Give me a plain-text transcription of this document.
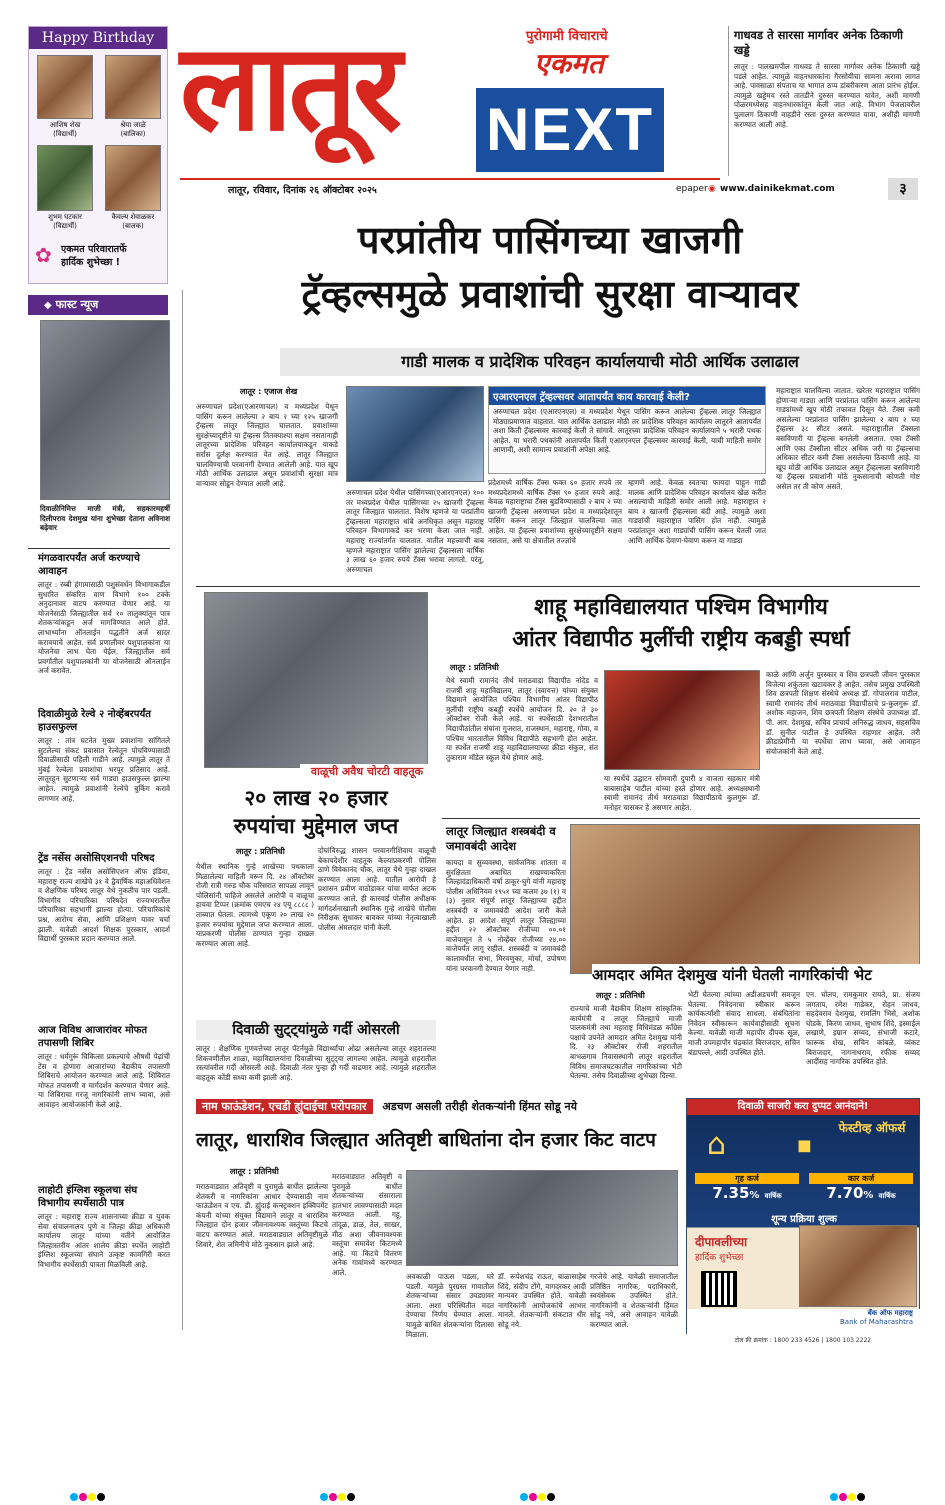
Happy Birthday
आशिष शेख
(विद्यार्थी)
श्रेया जाळे
(बालिका)
शुभम घटकार
(विद्यार्थी)
कैवल्य शेवाळकर
(बालक)
✿ एकमत परिवारातर्फे
हार्दिक शुभेच्छा !
लातूर	पुरोगामी विचाराचे
एकमत
NEXT
लातूर, रविवार, दिनांक २६ ऑक्टोबर २०२५	epaper ◉ www.dainikekmat.com	३
गाधवड ते सारसा मार्गावर अनेक ठिकाणी खड्डे
लातूर : पालखमपील गाधवड ते सारसा मार्गावर अनेक ठिकाणी खड्डे पडले आहेत. त्यामुळे वाहनधारकांना गैरसोयीचा सामना करावा लागत आहे. पावसाळा संपताच या भागात ठप्प डांबरीकरण आता प्रारंभ होईल. त्यामुळे खड्डेमय रस्ते तातडीने दुरुस्त करण्यात यावेत, अशी मागणी पोळरमध्येसह वाहनधारकांतून केली जात आहे. विभाग पेजलावरील पुलालग ठिकाणी वाहडीने रस्ता दुरुस्त करण्यात यावा, अशीही मागणी करण्यात आली आहे.
परप्रांतीय पासिंगच्या खाजगी
ट्रॅव्हल्समुळे प्रवाशांची सुरक्षा वाऱ्यावर
गाडी मालक व प्रादेशिक परिवहन कार्यालयाची मोठी आर्थिक उलाढाल
लातूर : एजाज शेख
अरुणाचल प्रदेश(एआरणाचल) व मध्यप्रदेश येथून पासिंग करून आलेल्या २ बाय २ च्या १२५ खाजगी ट्रॅव्हल्स लातूर जिल्ह्यात चालतात. प्रवाशांच्या सुरक्षेच्यादृष्टीने या ट्रॅव्हल्स तितक्याश्या सक्षम नसतानाही लातूरच्या प्रादेशिक परिवहन कार्यालयाकडून याकडे सर्रास दुर्लक्ष करण्यात येत आहे. लातूर जिल्ह्यात चालविण्याची परवानगी देण्यात आलेली आहे. यात खूप मोठी आर्थिक उलाढाल असून प्रवाशांची सुरक्षा मात्र वाऱ्यावर सोडून देण्यात आली आहे.
अरुणाचल प्रदेश येथील पासिंगच्या(एआरएनएल) १०० तर मध्यप्रदेश येथील पासिंगच्या २५ खाजगी ट्रॅव्हल्स लातूर जिल्ह्यात चालतात. विशेष म्हणजे या परप्रांतीय ट्रॅव्हल्सला महाराष्ट्रात थांबे अनधिकृत असून महाराष्ट्र परिवहन विभागाकडे कर भरणा केला जात नाही. महाराष्ट्र राज्यांतर्गत चालतात. यातील महत्त्वाची बाब म्हणजे महाराष्ट्रात पासिंग झालेल्या ट्रॅव्हल्सला वार्षिक ३ लाख ६० हजार रुपये टॅक्स भरावा लागतो. परंतु, अरुणाचल
एआरएनएल ट्रॅव्हल्सवर आतापर्यंत काय कारवाई केली?
अरुणाचल प्रदेश (एआरएनएल) व मध्यप्रदेश येथून पासिंग करून आलेल्या ट्रॅव्हल्स लातूर जिल्ह्यात मोठ्याप्रमाणात वाहतात. यात आर्थिक उलाढाल मोठी तर प्रादेशिक परिवहन कार्यालय लातूरने आतापर्यंत अशा किती ट्रॅव्हल्सवर कारवाई केली ते सांगावे. लातूरच्या प्रादेशिक परिवहन कार्यालयाने ५ भरारी पथक आहेत. या भरारी पथकांनी आतापर्यंत किती एआरएनएल ट्रॅव्हल्सवर कारवाई केली, याची माहिती समोर आणावी, अशी सामान्य प्रवाशांनी अपेक्षा आहे.
प्रदेशमध्ये वार्षिक टॅक्स फक्त ६० हजार रुपये तर मध्यप्रदेशमध्ये वार्षिक टॅक्स ९० हजार रुपये आहे. केवळ महाराष्ट्राचा टॅक्स बुडविण्यासाठी २ बाय २ च्या खाजगी ट्रॅव्हल्स अरुणाचल प्रदेश व मध्यप्रदेशातून पासिंग करून लातूर जिल्ह्यात चालविल्या जात आहेत. या ट्रॅव्हल्स प्रवाशांच्या सुरक्षेच्यादृष्टीने सक्षम नसतात, असे या क्षेत्रातील तज्ज्ञांचे
म्हणणे आहे. केवळ स्वतःचा फायदा पाहून गाडी मालक आणि प्रादेशिक परिवहन कार्यालय खेळ करीत असल्याची माहिती समोर आली आहे. महाराष्ट्रात २ बाय २ खाजगी ट्रॅव्हल्सला बंदी आहे. त्यामुळे अशा गाड्यांची महाराष्ट्रात पासिंग होत नाही. त्यामुळे परप्रांतातून अशा गाड्यांची पासिंग करून घेतली जात आणि आर्थिक देवाण-घेवाण करून या गाड्या
महाराष्ट्रात चालविल्या जातात. खरेतर महाराष्ट्रात पासिंग होणाऱ्या गाड्या आणि परप्रांतात पासिंग करून आलेल्या गाड्यांमध्ये खूप मोठी तफावत दिसून येते. टॅक्स कमी असलेल्या परप्रांतात पासिंग झालेल्या २ बाय २ च्या ट्रॅव्हल्स ३८ सीटर असते. महाराष्ट्रातील टॅक्सला बसविणारी या ट्रॅव्हल्स बनलेली असतात. एका टॅक्सी आणि एका टॅक्सीला सीटर अधिक जरी या ट्रॅव्हल्सचा अधिकार सीटर कमी टॅक्स असलेल्या ठिकाणी आहे. या खूप मोठी आर्थिक उलाढाल असून ट्रॅव्हल्सला बसविणारी या ट्रॅव्हल्स प्रवाशांनी मोठे नुकसानाची कोणती गोष्ट असेल तर ती कोण असते.
◆ फास्ट न्यूज
दिवाळीनिमित्त माजी मंत्री, सहकारमहर्षी दिलीपराव देशमुख यांना शुभेच्छा देताना अविनाश बढ़ेवार
मंगळवारपर्यंत अर्ज करण्याचे आवाहन
लातूर : रब्बी हंगामासाठी पशुसंवर्धन विभागाकडील सुधारित संकरित वाण विभागे १०० टक्के अनुदानावर वाटप करण्यात येणार आहे. या योजनेसाठी जिल्ह्यातील सर्व १० तालुक्यांतून पात्र शेतकऱ्यांकडून अर्ज मागविण्यात आले होते. लाभार्थ्यांना ऑनलाईन पद्धतीने अर्ज सादर करावयाचे आहेत. सर्व प्रणालीवर पशुपालकांना या योजनेचा लाभ घेता येईल. जिल्ह्यातील सर्व प्रवर्गातील पशुपालकांनी या योजनेसाठी ऑनलाईन अर्ज करावेत.
दिवाळीमुळे रेल्वे २ नोव्हेंबरपर्यंत हाउसफुल्ल
लातूर : तांत्र घटनेत मुख्य प्रवाशांना सांगितले सुटलेल्या संकट प्रवासात रेल्वेतून पोचविण्यासाठी दिवाळीसाठी पहिली गाडीने आहे. त्यामुळे लातूर ते मुंबई रेल्वेला प्रवाशांचा भरपूर प्रतिसाद आहे. लातूरहून सुटणाऱ्या सर्व गाड्या हाउसफुल्ल झाल्या आहेत. त्यामुळे प्रवाशांनी रेल्वेचे बुकिंग करावे लागणार आहे.
ट्रेंड नर्सेस असोसिएशनची परिषद
लातूर : ट्रेंड नर्सेस असोसिएशन ऑफ इंडिया, महाराष्ट्र राज्य शाखेचे ३१ वे द्वैवार्षिक महाअधिवेशन व शैक्षणिक परिषद लातूर येथे नुकतीच पार पडली. विभागीय परिचारिका परिषदेत राज्यभरातील परिचारिका सहभागी झाल्या होत्या. परिचारिकांचे प्रश्न, आरोग्य सेवा, आणि प्रशिक्षण यावर चर्चा झाली. यावेळी आदर्श शिक्षक पुरस्कार, आदर्श विद्यार्थी पुरस्कार प्रदान करण्यात आले.
आज विविध आजारांवर मोफत तपासणी शिबिर
लातूर : धर्मगुरूं चिकित्सा प्रकल्पाचे औषधी पेढ़ांची टेंस व होणारा आजारांच्या वैद्यकीय तपासणी शिबिराचे आयोजन करण्यात आले आहे. शिबिरात मोफत तपासणी व मार्गदर्शन करण्यात येणार आहे. या शिबिराचा गरजू नागरिकांनी लाभ घ्यावा, असे आवाहन आयोजकांनी केले आहे.
लाहोटी इंग्लिश स्कूलचा संघ विभागीय स्पर्धेसाठी पात्र
लातूर : महाराष्ट्र राज्य शासनाच्या क्रीडा व युवक सेवा संचालनालय पुणे व जिल्हा क्रीडा अधिकारी कार्यालय लातूर यांच्या वतीने आयोजित जिल्हास्तरीय आंतर शालेय क्रीडा स्पर्धेत लाहोटी इंग्लिश स्कूलच्या संघाने उत्कृष्ट कामगिरी करत विभागीय स्पर्धेसाठी पात्रता मिळविली आहे.
वाळूची अवैध चोरटी वाहतूक
२० लाख २० हजार
रुपयांचा मुद्देमाल जप्त
लातूर : प्रतिनिधी
येथील स्थानिक गुन्हे शाखेच्या पथकाला मिळालेल्या माहिती वरून दि. २४ ऑक्टोबर रोजी रात्री गरुड चौक परिसरात सापळा लावून पोलिसांनी पाहिजे असलेले आरोपी व वाळूचा हायवा टिप्पर (क्रमांक एमएच २४ एयू ८८८८ ) ताब्यात घेतला. त्यामध्ये एकूण २० लाख २० हजार रुपयांचा मुद्देमाल जप्त करण्यात आला. याप्रकरणी पोलीस ठाण्यात गुन्हा दाखल करण्यात आला आहे.
दोघांविरुद्ध शासन परवानगीशिवाय वाळूची बेकायदेशीर वाहतूक केल्याप्रकरणी पोलिस ठाणे विवेकानंद चौक, लातूर येथे गुन्हा दाखल करण्यात आला आहे. यातील आरोपी हे प्रशासन प्रवीण वाठोडाकर यांचा मार्फत अटक करण्यात आले. ही कारवाई पोलीस अधीक्षक मार्गदर्शनाखाली स्थानिक गुन्हे शाखेचे पोलीस निरीक्षक सुधाकर बावकर यांच्या नेतृत्वाखाली पोलीस अंमलदार यांनी केली.
दिवाळी सुट्ट्यांमुळे गर्दी ओसरली
लातूर : शैक्षणिक गुणवत्तेच्या लातूर पॅटर्नमुळे विद्यार्थ्यांचा ओढा असलेल्या लातूर शहरातल्या शिकवणीतील शाळा, महाविद्यालयांना दिवाळीच्या सुट्ट्या लागल्या आहेत. त्यामुळे शहरातील रस्त्यांवरील गर्दी ओसरली आहे. दिवाळी नंतर पुन्हा ही गर्दी वाढणार आहे. त्यामुळे शहरातील वाहतूक कोंडी सध्या कमी झाली आहे.
शाहू महाविद्यालयात पश्चिम विभागीय
आंतर विद्यापीठ मुलींची राष्ट्रीय कबड्डी स्पर्धा
लातूर : प्रतिनिधी
येथे स्वामी रामानंद तीर्थ मराठवाडा विद्यापीठ नांदेड व राजर्षी शाहू महाविद्यालय, लातूर (स्वायत्त) यांच्या संयुक्त विद्यमाने आयोजित पश्चिम विभागीय आंतर विद्यापीठ मुलींची राष्ट्रीय कबड्डी स्पर्धेचे आयोजन दि. २० ते ३० ऑक्टोबर रोजी केले आहे. या स्पर्धेसाठी देशभरातील विद्यापीठांतील संघांना गुजरात, राजस्थान, महाराष्ट्र, गोवा, व पश्चिम भारतातील विविध विद्यापीठे सहभागी होत आहेत. या स्पर्धेत राजर्षी शाहू महाविद्यालयाच्या क्रीडा संकुल, संत तुकाराम मॉडेल स्कूल येथे होणार आहे.
या स्पर्धेचे उद्घाटन सोमवारी दुपारी ४ वाजता सहकार मंत्री बाबासाहेब पाटील यांच्या हस्ते होणार आहे. अध्यक्षस्थानी स्वामी रामानंद तीर्थ मराठवाडा विद्यापीठाचे कुलगुरू डॉ. मनोहर चासकर हे असणार आहेत.
काळे आणि अर्जुन पुरस्कार व शिव छत्रपती जीवन पुरस्कार विजेत्या शकुंतला खटावकर हे आहेत. तसेच प्रमुख उपस्थिती शिव छत्रपती शिक्षण संस्थेचे अध्यक्ष डॉ. गोपालराव पाटील, स्वामी रामानंद तीर्थ मराठवाडा विद्यापीठाचे प्र-कुलगुरू डॉ. अशोक महाजन, शिव छत्रपती शिक्षण संस्थेचे उपाध्यक्ष डॉ. पी. आर. देशमुख, सचिव प्राचार्य अनिरुद्ध जाधव, सहसचिव डॉ. सुनील पाटील हे उपस्थित राहणार आहेत. तरी क्रीडाप्रेमींनी या स्पर्धेचा लाभ घ्यावा, असे आवाहन संयोजकांनी केले आहे.
लातूर जिल्ह्यात शस्त्रबंदी व जमावबंदी आदेश
कायदा व सुव्यवस्था, सार्वजनिक शांतता व सुरक्षितता अबाधित राखण्याकरिता जिल्हादंडाधिकारी वर्षा ठाकूर-घुगे यांनी महाराष्ट्र पोलीस अधिनियम १९५१ च्या कलम ३७ (१) व (३) नुसार संपूर्ण लातूर जिल्ह्याच्या हद्दीत शस्त्रबंदी व जमावबंदी आदेश जारी केले आहेत. हा आदेश संपूर्ण लातूर जिल्ह्याच्या हद्दीत २२ ऑक्टोबर रोजीच्या ००.०१ वाजेपासून ते ५ नोव्हेंबर रोजीच्या २४.०० वाजेपर्यंत लागू राहील. शस्त्रबंदी व जमावबंदी कालावधीत सभा, मिरवणुका, मोर्चा, उपोषण यांना परवानगी देण्यात येणार नाही.	आमदार अमित देशमुख यांनी घेतली नागरिकांची भेट
लातूर : प्रतिनिधी
राज्याचे माजी वैद्यकीय शिक्षण सांस्कृतिक कार्यमंत्री व लातूर जिल्ह्याचे माजी पालकमंत्री तथा महाराष्ट्र विधिमंडळ काँग्रेस पक्षाचे उपनेते आमदार अमित देशमुख यांनी दि. २३ ऑक्टोबर रोजी शहरातील बाभळगाव निवासस्थानी लातूर शहरातील विविध समाजघटकातील नागरिकांच्या भेटी घेतल्या. तसेच दिवाळीच्या शुभेच्छा दिल्या.
भेटी घेतल्या त्यांच्या अडीअडचणी समजून घेतल्या. निवेदनाचा स्वीकार करून कार्यकर्त्यांशी संवाद साधला. संबंधितांना निवेदन स्वीकारून कार्यवाहीसाठी सूचना केल्या. यावेळी माजी महापौर दीपक सूळ, माजी उपमहापौर चंद्रकांत बिराजदार, सचिन बंडापल्ले, आदी उपस्थित होते.
एन. घोलप, रामकुमार रायते, प्रा. संजय जगताप, रमेश गाडेकर, रोहन जाधव, सहदेवराव देशमुख, रामलिंग भिसे, अशोक घोडके, किरण जाधव, सुभाष शिंदे, इस्माईल लखाणे, इम्रान सय्यद, संभाजी कटारे, फारूक शेख, सचिन कांबळे, व्यंकट बिराजदार, नागनाथराव, रफीक सय्यद आदींसह नागरिक उपस्थित होते.
नाम फाऊंडेशन, एचडी ह्युंदाईचा परोपकार अडचण असली तरीही शेतकऱ्यांनी हिंमत सोडू नये
लातूर, धाराशिव जिल्ह्यात अतिवृष्टी बाधितांना दोन हजार किट वाटप
लातूर : प्रतिनिधी
मराठवाड्यात अतिवृष्टी व पुरामुळे बाधीत झालेल्या शेतकरी व नागरिकांना आधार देण्यासाठी नाम फाऊंडेशन व एच. डी. ह्युंदाई कन्स्ट्रक्शन इक्विपमेंट कंपनी यांच्या संयुक्त विद्यमाने लातूर व धाराशिव जिल्ह्यात दोन हजार जीवनावश्यक वस्तूंच्या किटचे वाटप करण्यात आले. मराठवाड्यात अतिवृष्टीमुळे शिवारे, शेत जमिनीचे मोठे नुकसान झाले आहे.
मराठवाड्यात अतिवृष्टी व पुरामुळे बाधीत शेतकऱ्यांच्या संसाराला हातभार लावण्यासाठी मदत करण्यात आली. गहू, तांदूळ, डाळ, तेल, साखर, मीठ अशा जीवनावश्यक वस्तूंचा समावेश किटमध्ये आहे. या किटचे वितरण अनेक गावांमध्ये करण्यात आले.	अवकाळी पाऊस पडला, घरे पडली. यामुळे पुरग्रस्त गावातील शेतकऱ्यांच्या संसार उघड्यावर आला. अशा परिस्थितीत मदत देण्याचा निर्णय घेण्यात आला. यामुळे बाधित शेतकऱ्यांना दिलासा मिळाला.
डॉ. रूपेशचंद्र राऊत, बाळासाहेब शिंदे, संदीप टोंगे, वागदरकर आदी मान्यवर उपस्थित होते. यावेळी नागरिकांनी आयोजकांचे आभार मानले. शेतकऱ्यांनी संकटात धीर सोडू नये.
गरजेचे आहे. यावेळी समाजातील प्रतिष्ठित नागरिक, पदाधिकारी, स्वयंसेवक उपस्थित होते. नागरिकांनी व शेतकऱ्यांनी हिंमत सोडू नये, असे आवाहन यावेळी करण्यात आले.
दिवाळी साजरी करा दुप्पट आनंदाने!
फेस्टीव्ह ऑफर्स
⌂	◼
गृह कर्ज
7.35% वार्षिक
कार कर्ज
7.70% वार्षिक
शून्य प्रक्रिया शुल्क
दीपावलीच्या
हार्दिक शुभेच्छा
बँक ऑफ महाराष्ट्र
Bank of Maharashtra
टोल फ्री क्रमांक : 1800 233 4526 | 1800 103 2222
